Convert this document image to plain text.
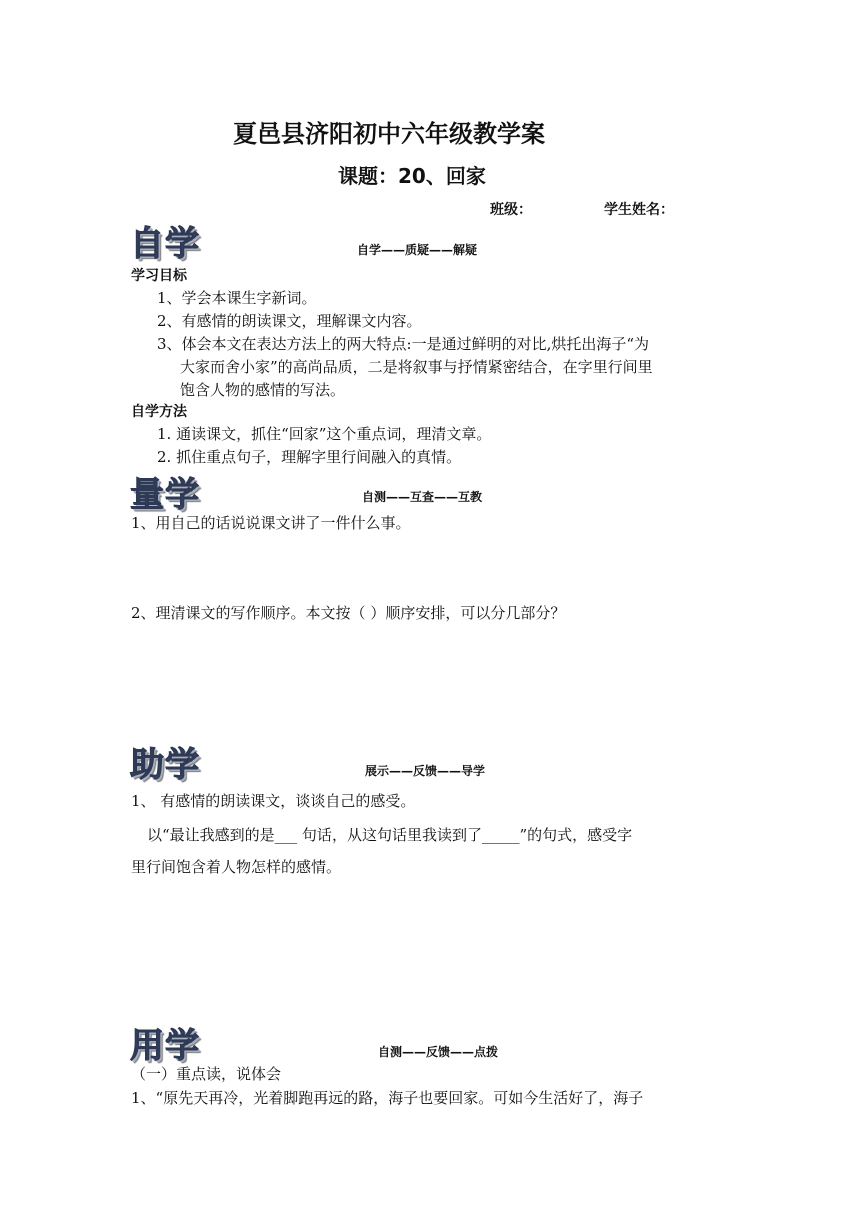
夏邑县济阳初中六年级教学案
课题：20、回家
班级：	学生姓名：
自学	自学——质疑——解疑
学习目标
1、学会本课生字新词。
2、有感情的朗读课文，理解课文内容。
3、体会本文在表达方法上的两大特点:一是通过鲜明的对比,烘托出海子“为
大家而舍小家”的高尚品质，二是将叙事与抒情紧密结合，在字里行间里
饱含人物的感情的写法。
自学方法
1. 通读课文，抓住“回家”这个重点词，理清文章。
2. 抓住重点句子，理解字里行间融入的真情。
量学	自测——互查——互教
1、用自己的话说说课文讲了一件什么事。
2、理清课文的写作顺序。本文按（ ）顺序安排，可以分几部分？
助学	展示——反馈——导学
1、 有感情的朗读课文，谈谈自己的感受。
以“最让我感到的是___ 句话，从这句话里我读到了_____”的句式，感受字
里行间饱含着人物怎样的感情。
用学	自测——反馈——点拨
（一）重点读，说体会
1、“原先天再冷，光着脚跑再远的路，海子也要回家。可如今生活好了，海子
